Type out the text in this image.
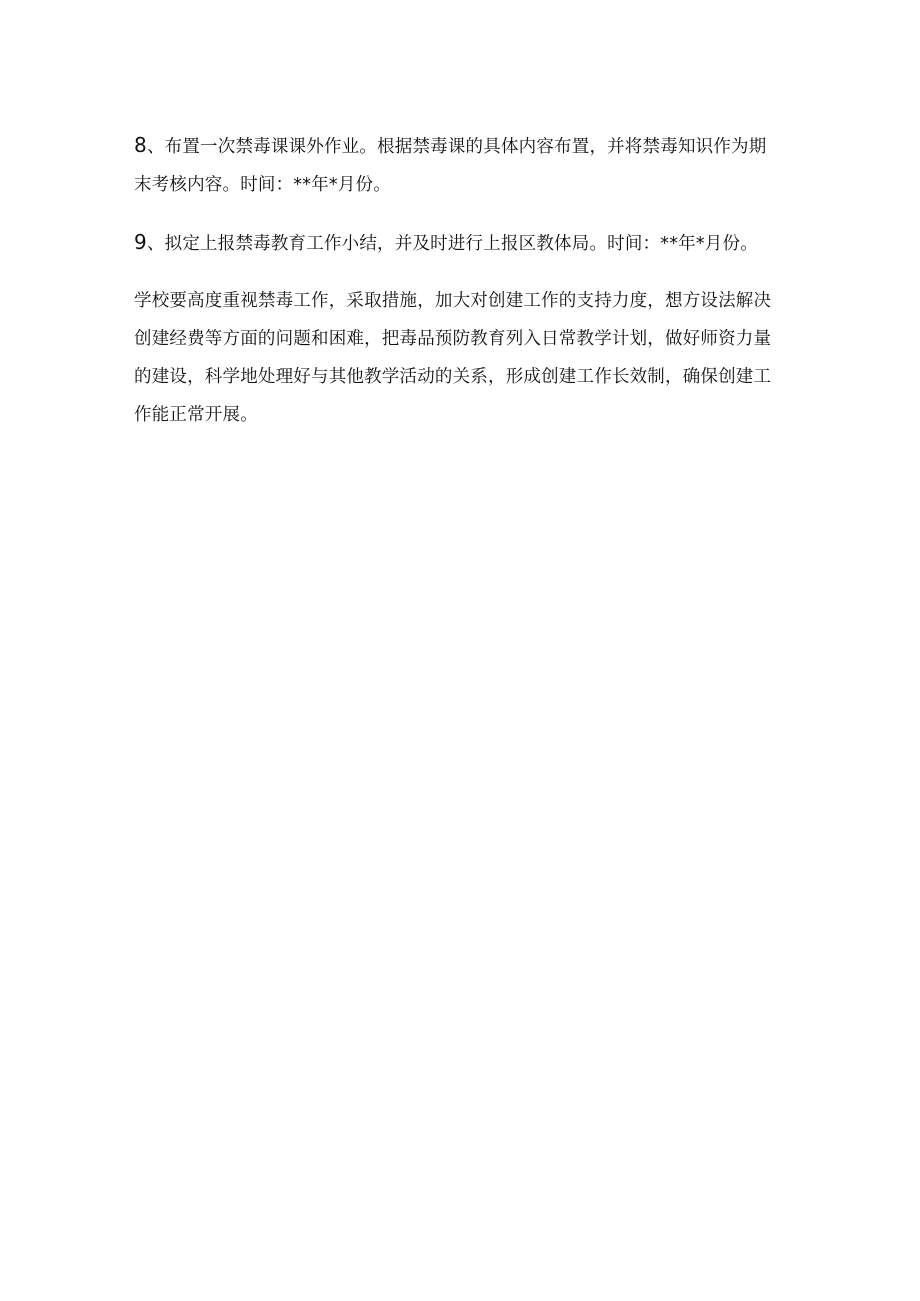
8、布置一次禁毒课课外作业。根据禁毒课的具体内容布置，并将禁毒知识作为期
末考核内容。时间：**年*月份。

9、拟定上报禁毒教育工作小结，并及时进行上报区教体局。时间：**年*月份。

学校要高度重视禁毒工作，采取措施，加大对创建工作的支持力度，想方设法解决
创建经费等方面的问题和困难，把毒品预防教育列入日常教学计划，做好师资力量
的建设，科学地处理好与其他教学活动的关系，形成创建工作长效制，确保创建工
作能正常开展。
